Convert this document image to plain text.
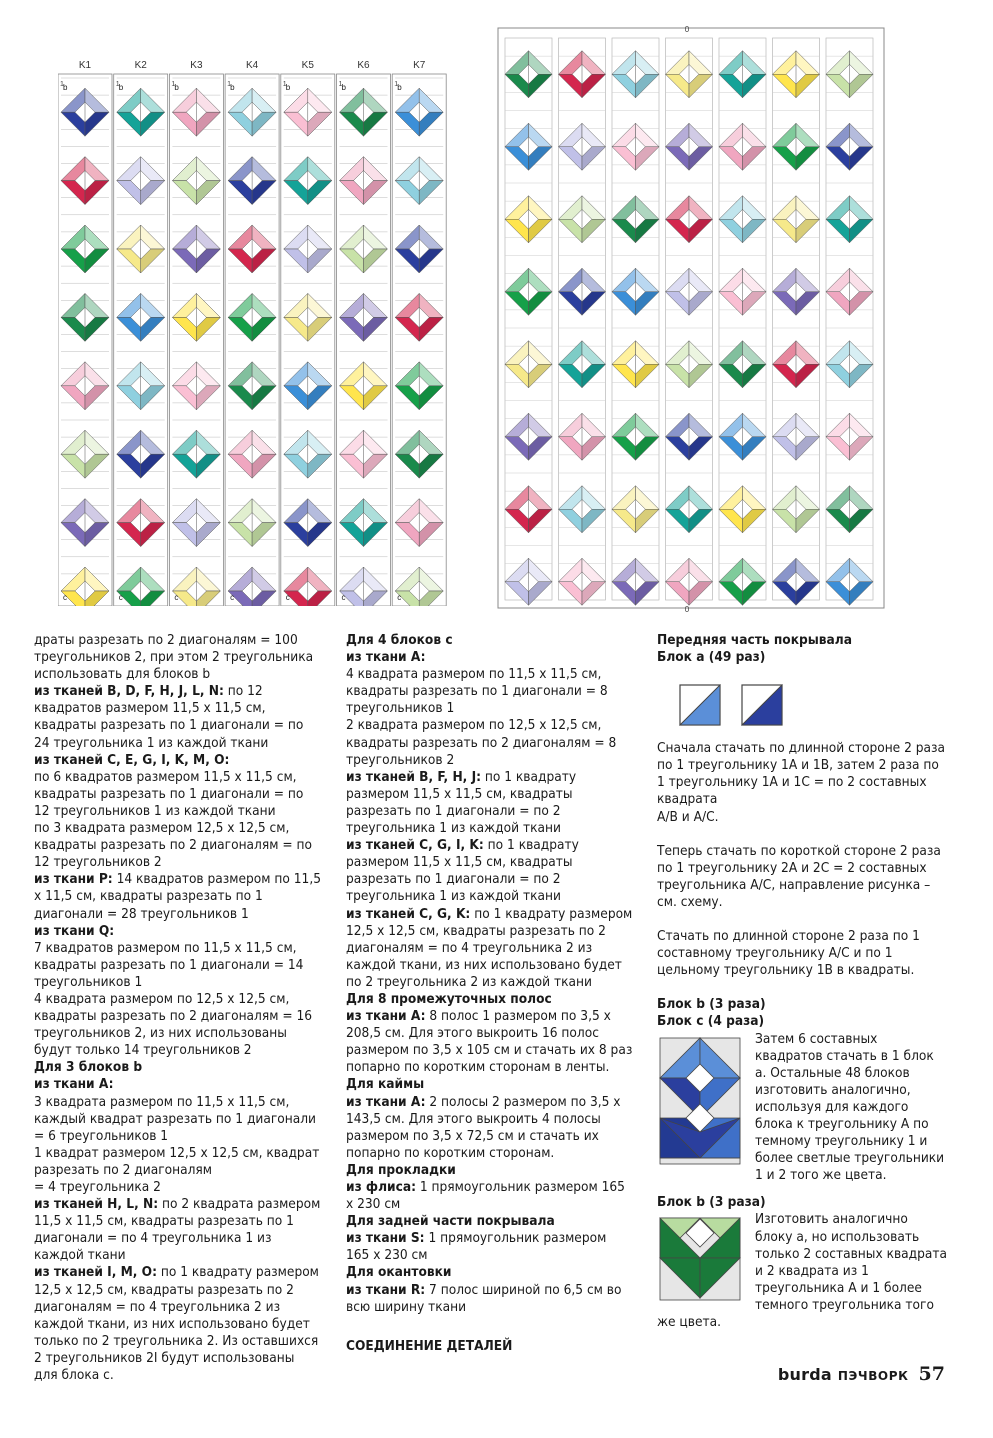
K1
1 b
c
K2
1 b
c
K3
1 b
c
K4
1 b
c
K5
1 b
c
K6
1 b
c
K7
1 b
c
0
0

драты разрезать по 2 диагоналям = 100 треугольников 2, при этом 2 треугольника использовать для блоков b

из тканей B, D, F, H, J, L, N: по 12 квадратов размером 11,5 x 11,5 см, квадраты разрезать по 1 диагонали = по 24 треугольника 1 из каждой ткани

из тканей C, E, G, I, K, M, O:

по 6 квадратов размером 11,5 x 11,5 см, квадраты разрезать по 1 диагонали = по 12 треугольников 1 из каждой ткани

по 3 квадрата размером 12,5 x 12,5 см, квадраты разрезать по 2 диагоналям = по 12 треугольников 2

из ткани P: 14 квадратов размером по 11,5 x 11,5 см, квадраты разрезать по 1 диагонали = 28 треугольников 1

из ткани Q:

7 квадратов размером по 11,5 x 11,5 см, квадраты разрезать по 1 диагонали = 14 треугольников 1

4 квадрата размером по 12,5 x 12,5 см, квадраты разрезать по 2 диагоналям = 16 треугольников 2, из них использованы будут только 14 треугольников 2

Для 3 блоков b

из ткани A:

3 квадрата размером по 11,5 x 11,5 см, каждый квадрат разрезать по 1 диагонали = 6 треугольников 1

1 квадрат размером 12,5 x 12,5 см, квадрат разрезать по 2 диагоналям

= 4 треугольника 2

из тканей H, L, N: по 2 квадрата размером 11,5 x 11,5 см, квадраты разрезать по 1 диагонали = по 4 треугольника 1 из каждой ткани

из тканей I, M, O: по 1 квадрату размером 12,5 x 12,5 см, квадраты разрезать по 2 диагоналям = по 4 треугольника 2 из каждой ткани, из них использовано будет только по 2 треугольника 2. Из оставшихся 2 треугольников 2I будут использованы для блока c.

Для 4 блоков c

из ткани A:

4 квадрата размером по 11,5 x 11,5 см, квадраты разрезать по 1 диагонали = 8 треугольников 1

2 квадрата размером по 12,5 x 12,5 см, квадраты разрезать по 2 диагоналям = 8 треугольников 2

из тканей B, F, H, J: по 1 квадрату размером 11,5 x 11,5 см, квадраты разрезать по 1 диагонали = по 2 треугольника 1 из каждой ткани

из тканей C, G, I, K: по 1 квадрату размером 11,5 x 11,5 см, квадраты разрезать по 1 диагонали = по 2 треугольника 1 из каждой ткани

из тканей C, G, K: по 1 квадрату размером 12,5 x 12,5 см, квадраты разрезать по 2 диагоналям = по 4 треугольника 2 из каждой ткани, из них использовано будет по 2 треугольника 2 из каждой ткани

Для 8 промежуточных полос

из ткани A: 8 полос 1 размером по 3,5 x 208,5 см. Для этого выкроить 16 полос размером по 3,5 x 105 см и стачать их 8 раз попарно по коротким сторонам в ленты.

Для каймы

из ткани A: 2 полосы 2 размером по 3,5 x 143,5 см. Для этого выкроить 4 полосы размером по 3,5 x 72,5 см и стачать их попарно по коротким сторонам.

Для прокладки

из флиса: 1 прямоугольник размером 165 x 230 см

Для задней части покрывала

из ткани S: 1 прямоугольник размером 165 x 230 см

Для окантовки

из ткани R: 7 полос шириной по 6,5 см во всю ширину ткани

СОЕДИНЕНИЕ ДЕТАЛЕЙ

Передняя часть покрывала

Блок a (49 раз)

Сначала стачать по длинной стороне 2 раза по 1 треугольнику 1A и 1B, затем 2 раза по 1 треугольнику 1A и 1C = по 2 составных квадрата

A/B и A/C.

Теперь стачать по короткой стороне 2 раза по 1 треугольнику 2A и 2C = 2 составных треугольника A/C, направление рисунка – см. схему.

Стачать по длинной стороне 2 раза по 1 составному треугольнику A/C и по 1 цельному треугольнику 1B в квадраты.

Блок b (3 раза)

Блок c (4 раза)

Затем 6 составных квадратов стачать в 1 блок a. Остальные 48 блоков изготовить аналогично, используя для каждого блока к треугольнику A по темному треугольнику 1 и более светлые треугольники 1 и 2 того же цвета.

Блок b (3 раза)

Изготовить аналогично блоку a, но использовать только 2 составных квадрата и 2 квадрата из 1 треугольника A и 1 более темного треугольника того же цвета.

burda ПЭЧВОРК 57
